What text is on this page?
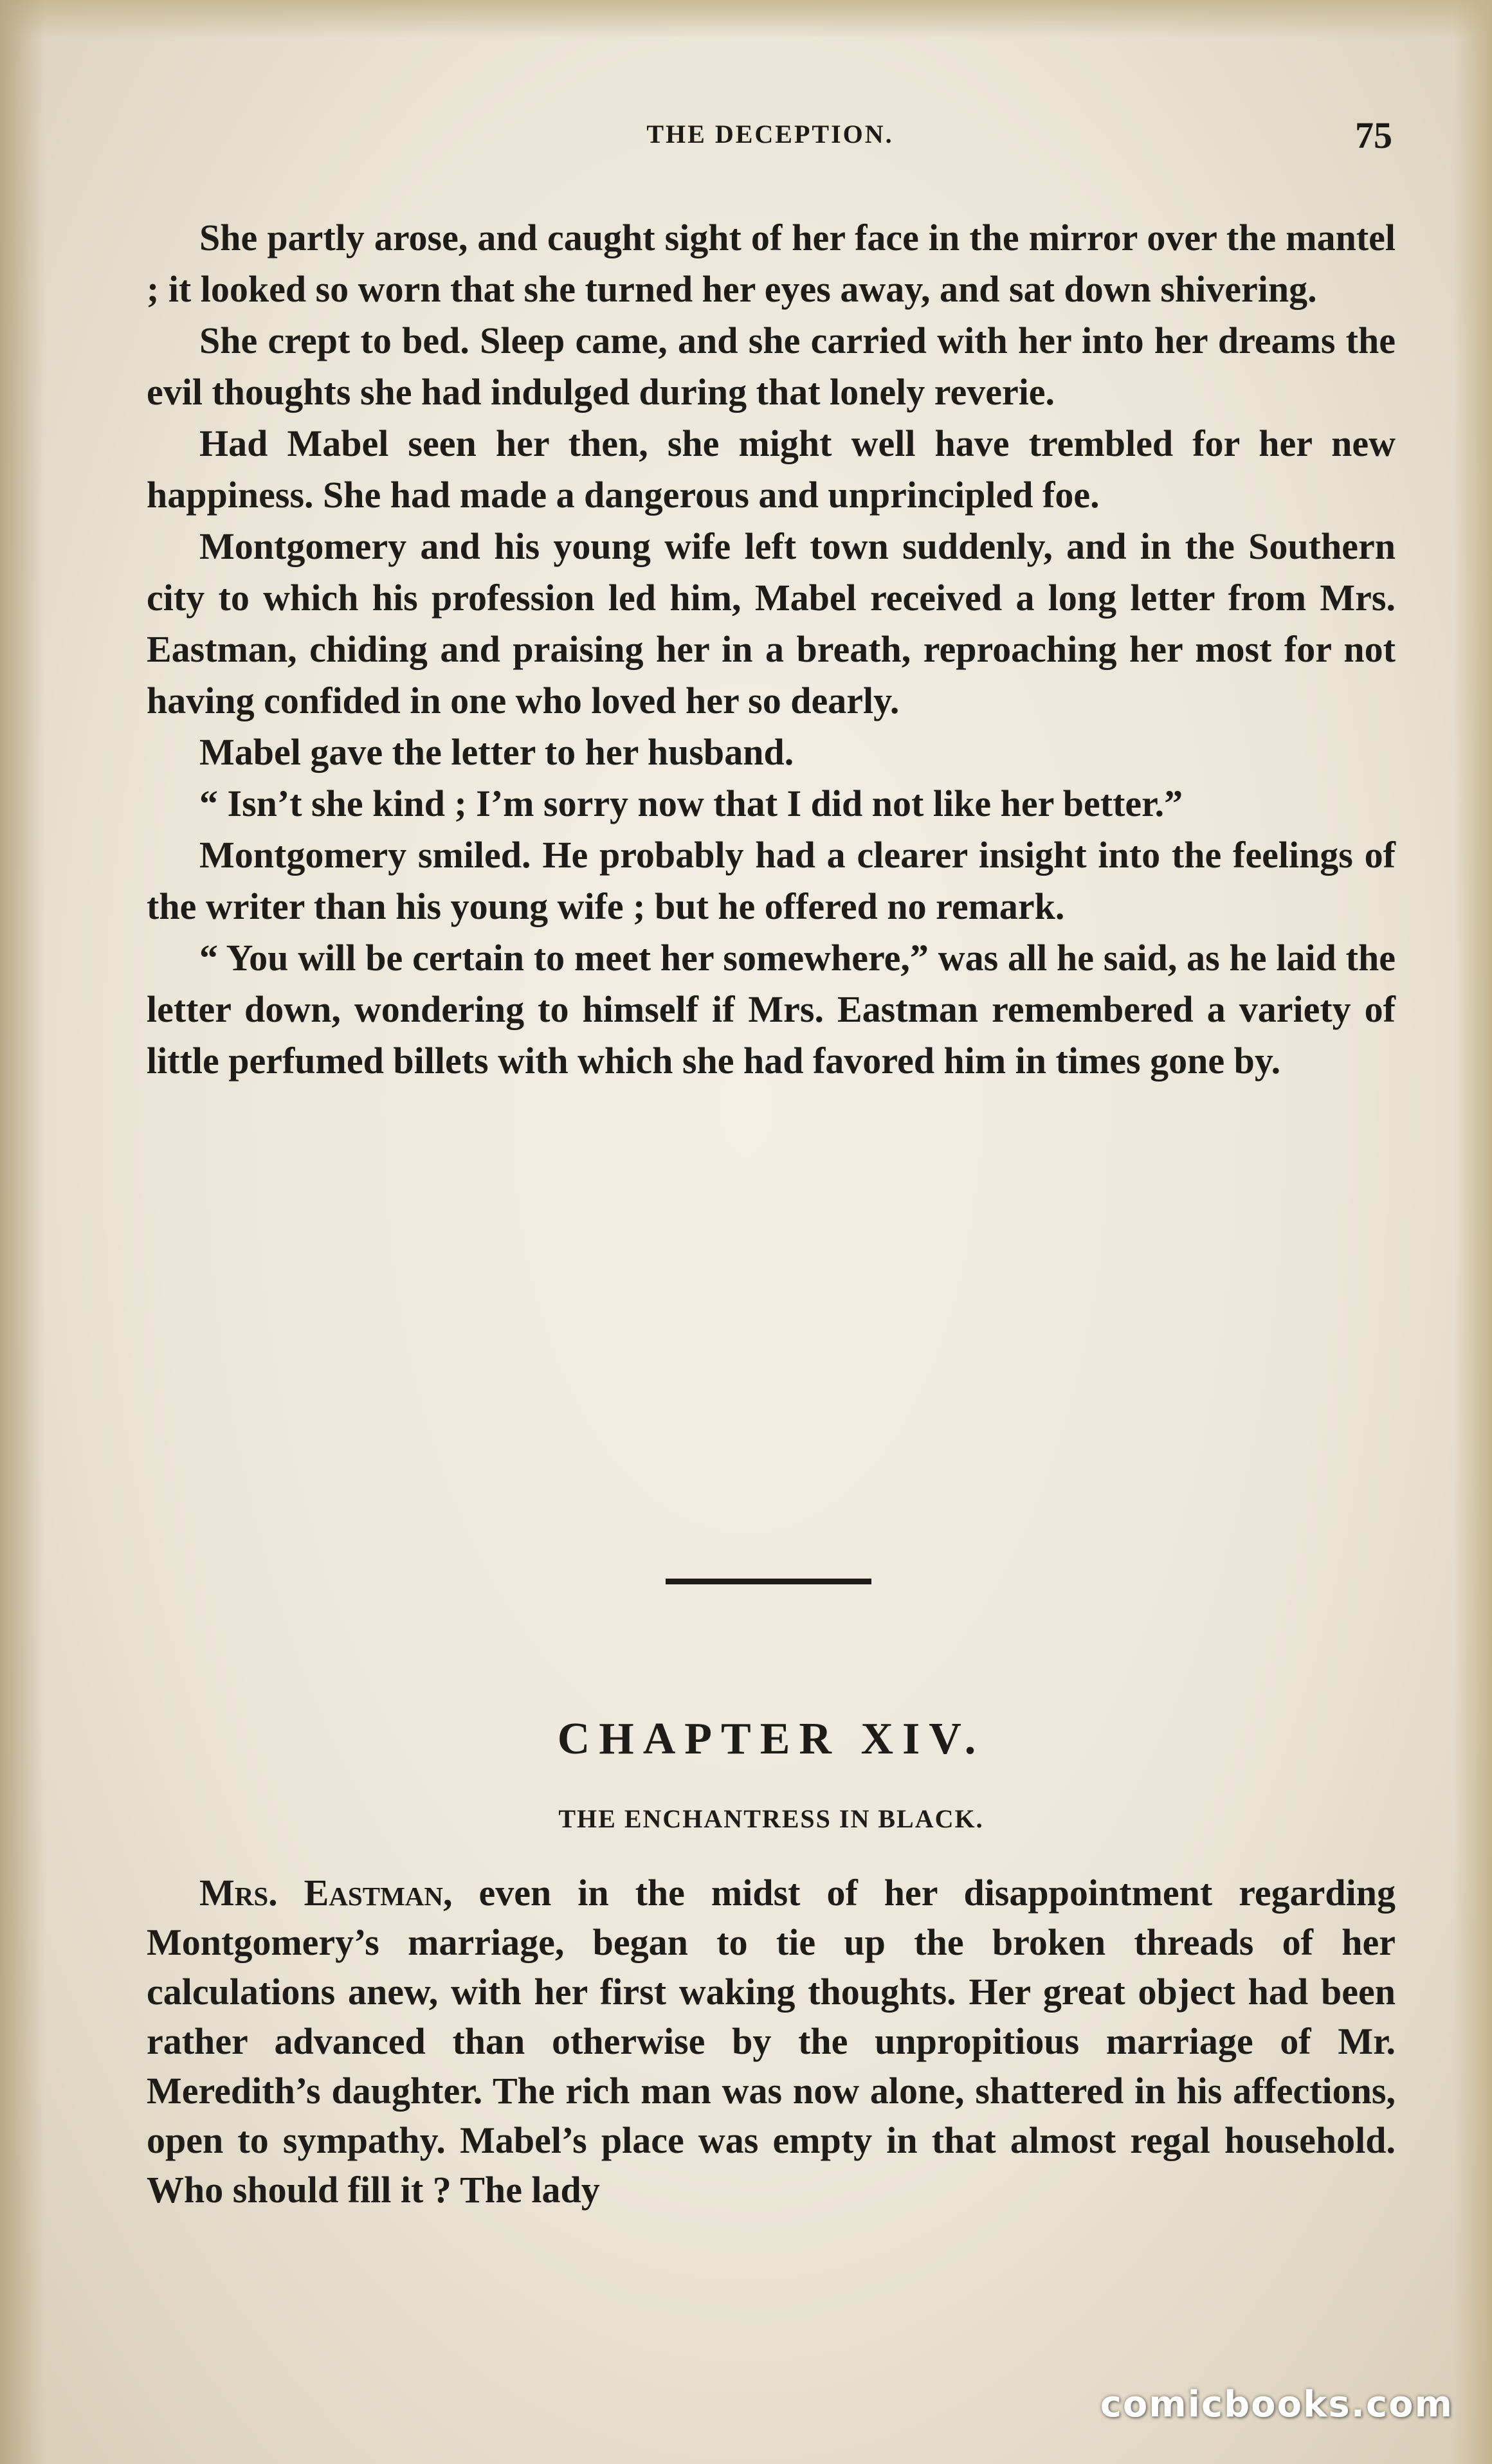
THE DECEPTION.	75

She partly arose, and caught sight of her face in the mirror over the mantel ; it looked so worn that she turned her eyes away, and sat down shivering.

She crept to bed. Sleep came, and she carried with her into her dreams the evil thoughts she had indulged during that lonely reverie.

Had Mabel seen her then, she might well have trembled for her new happiness. She had made a dangerous and unprincipled foe.

Montgomery and his young wife left town suddenly, and in the Southern city to which his profession led him, Mabel received a long letter from Mrs. Eastman, chiding and praising her in a breath, reproaching her most for not having confided in one who loved her so dearly.

Mabel gave the letter to her husband.

“ Isn’t she kind ; I’m sorry now that I did not like her better.”

Montgomery smiled. He probably had a clearer insight into the feelings of the writer than his young wife ; but he offered no remark.

“ You will be certain to meet her somewhere,” was all he said, as he laid the letter down, wondering to himself if Mrs. Eastman remembered a variety of little perfumed billets with which she had favored him in times gone by.

CHAPTER XIV.
THE ENCHANTRESS IN BLACK.

Mrs. Eastman, even in the midst of her disappointment regarding Montgomery’s marriage, began to tie up the broken threads of her calculations anew, with her first waking thoughts. Her great object had been rather advanced than otherwise by the unpropitious marriage of Mr. Meredith’s daughter. The rich man was now alone, shattered in his affections, open to sympathy. Mabel’s place was empty in that almost regal household. Who should fill it ? The lady

comicbooks.com
